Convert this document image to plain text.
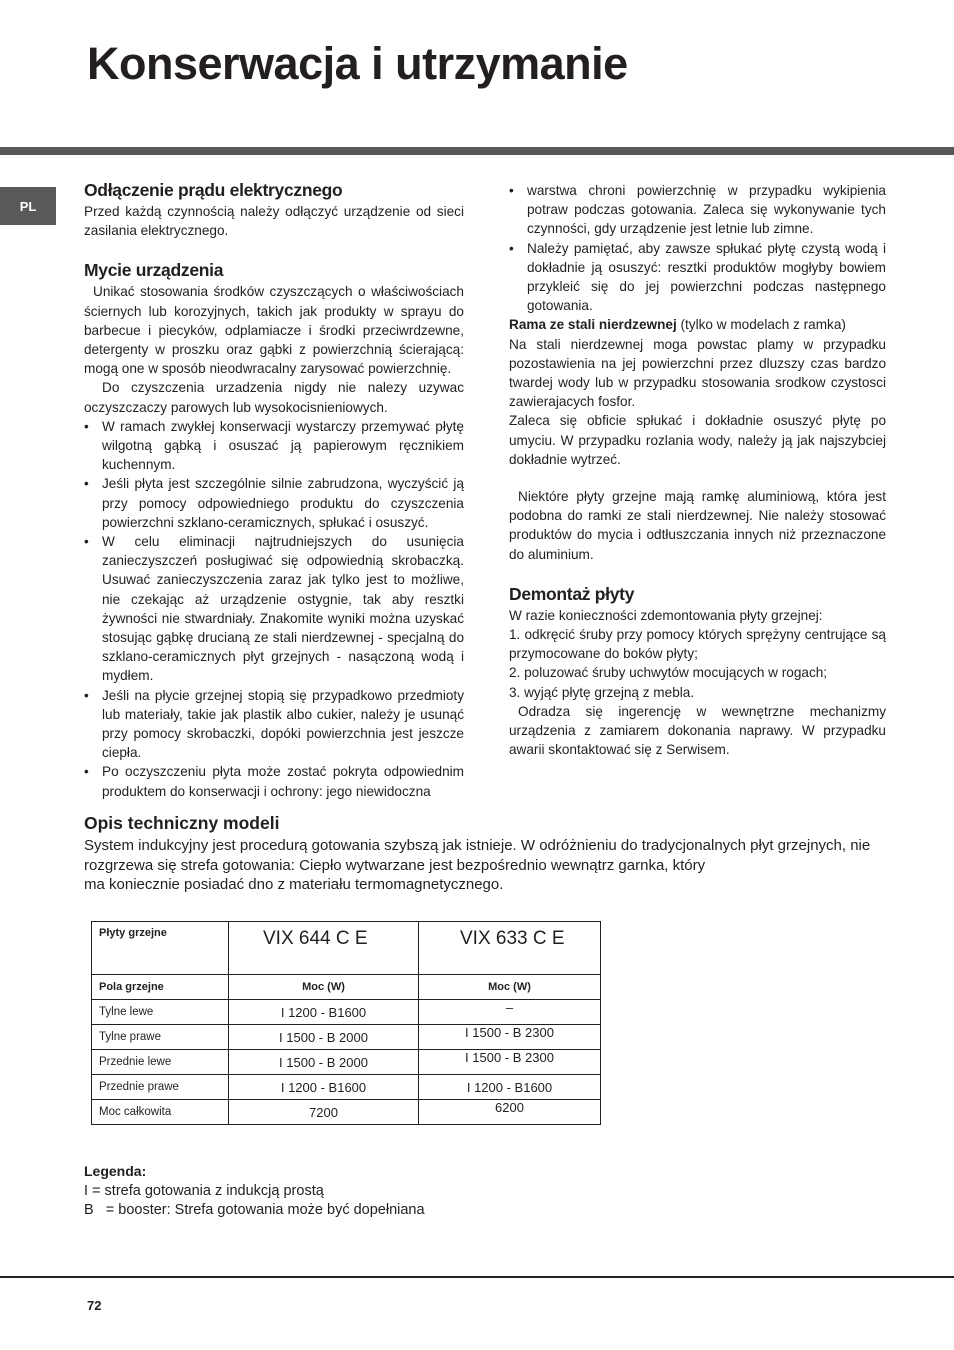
Konserwacja i utrzymanie
PL
Odłączenie prądu elektrycznego

Przed każdą czynnością należy odłączyć urządzenie od sieci zasilania elektrycznego.

Mycie urządzenia

Unikać stosowania środków czyszczących o właściwościach ściernych lub korozyjnych, takich jak produkty w sprayu do barbecue i piecyków, odplamiacze i środki przeciwrdzewne, detergenty w proszku oraz gąbki z powierzchnią ścierającą: mogą one w sposób nieodwracalny zarysować powierzchnię.

Do czyszczenia urzadzenia nigdy nie nalezy uzywac oczyszczaczy parowych lub wysokocisnieniowych.

• W ramach zwykłej konserwacji wystarczy przemywać płytę wilgotną gąbką i osuszać ją papierowym ręcznikiem kuchennym.
• Jeśli płyta jest szczególnie silnie zabrudzona, wyczyścić ją przy pomocy odpowiedniego produktu do czyszczenia powierzchni szklano-ceramicznych, spłukać i osuszyć.
• W celu eliminacji najtrudniejszych do usunięcia zanieczyszczeń posługiwać się odpowiednią skrobaczką. Usuwać zanieczyszczenia zaraz jak tylko jest to możliwe, nie czekając aż urządzenie ostygnie, tak aby resztki żywności nie stwardniały. Znakomite wyniki można uzyskać stosując gąbkę drucianą ze stali nierdzewnej - specjalną do szklano-ceramicznych płyt grzejnych - nasączoną wodą i mydłem.
• Jeśli na płycie grzejnej stopią się przypadkowo przedmioty lub materiały, takie jak plastik albo cukier, należy je usunąć przy pomocy skrobaczki, dopóki powierzchnia jest jeszcze ciepła.
• Po oczyszczeniu płyta może zostać pokryta odpowiednim produktem do konserwacji i ochrony: jego niewidoczna
• warstwa chroni powierzchnię w przypadku wykipienia potraw podczas gotowania. Zaleca się wykonywanie tych czynności, gdy urządzenie jest letnie lub zimne.
• Należy pamiętać, aby zawsze spłukać płytę czystą wodą i dokładnie ją osuszyć: resztki produktów mogłyby bowiem przykleić się do jej powierzchni podczas następnego gotowania.

Rama ze stali nierdzewnej (tylko w modelach z ramka)

Na stali nierdzewnej moga powstac plamy w przypadku pozostawienia na jej powierzchni przez dluzszy czas bardzo twardej wody lub w przypadku stosowania srodkow czystosci zawierajacych fosfor.

Zaleca się obficie spłukać i dokładnie osuszyć płytę po umyciu. W przypadku rozlania wody, należy ją jak najszybciej dokładnie wytrzeć.

Niektóre płyty grzejne mają ramkę aluminiową, która jest podobna do ramki ze stali nierdzewnej. Nie należy stosować produktów do mycia i odtłuszczania innych niż przeznaczone do aluminium.

Demontaż płyty

W razie konieczności zdemontowania płyty grzejnej:

1. odkręcić śruby przy pomocy których sprężyny centrujące są przymocowane do boków płyty;

2. poluzować śruby uchwytów mocujących w rogach;

3. wyjąć płytę grzejną z mebla.

Odradza się ingerencję w wewnętrzne mechanizmy urządzenia z zamiarem dokonania naprawy. W przypadku awarii skontaktować się z Serwisem.

Opis techniczny modeli

System indukcyjny jest procedurą gotowania szybszą jak istnieje. W odróżnieniu do tradycjonalnych płyt grzejnych, nie

rozgrzewa się strefa gotowania: Ciepło wytwarzane jest bezpośrednio wewnątrz garnka, który

ma koniecznie posiadać dno z materiału termomagnetycznego.

Płyty grzejne	VIX 644 C E	VIX 633 C E

Pola grzejne	Moc (W)	Moc (W)
Tylne lewe	I 1200 - B1600	–
Tylne prawe	I 1500 - B 2000	I 1500 - B 2300
Przednie lewe	I 1500 - B 2000	I 1500 - B 2300
Przednie prawe	I 1200 - B1600	I 1200 - B1600
Moc całkowita	7200	6200
Legenda:
I = strefa gotowania z indukcją prostą
B   = booster: Strefa gotowania może być dopełniana
72
